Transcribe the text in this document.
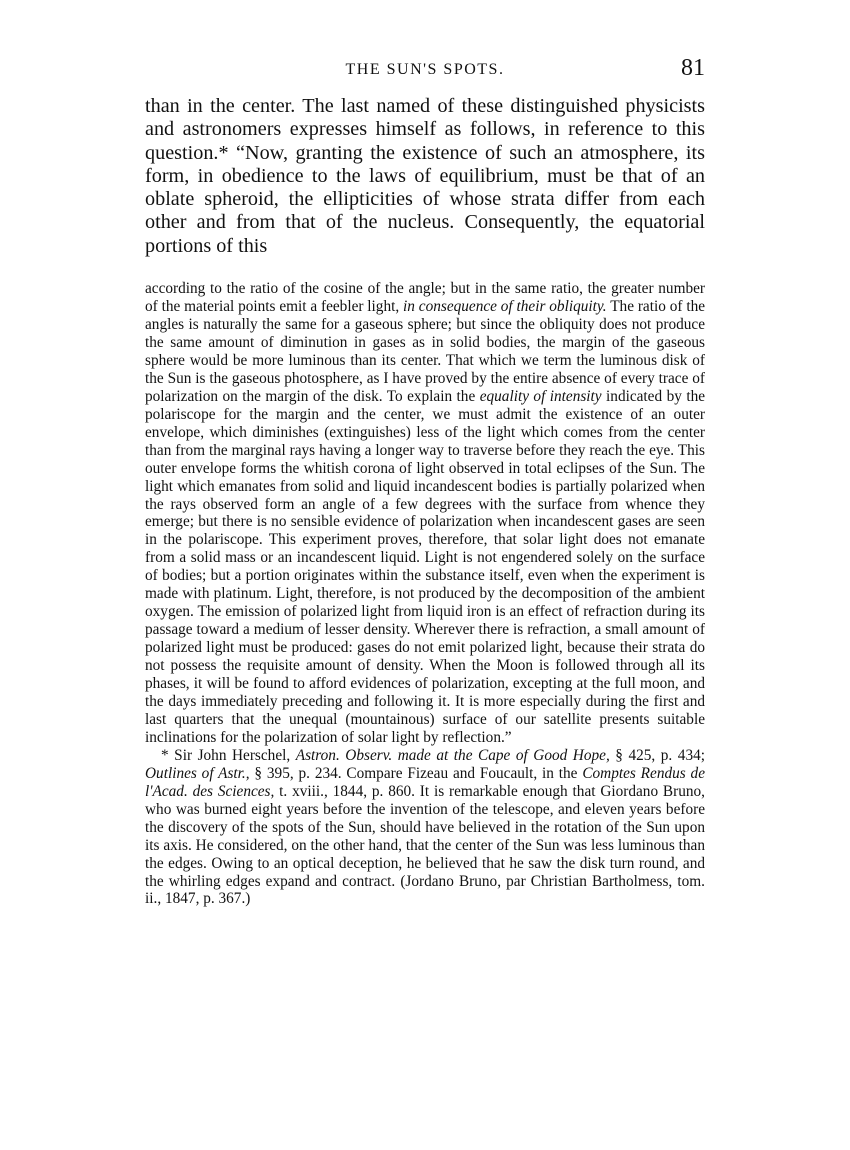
THE SUN'S SPOTS.	81

than in the center. The last named of these distinguished physicists and astronomers expresses himself as follows, in reference to this question.* “Now, granting the existence of such an atmosphere, its form, in obedience to the laws of equilibrium, must be that of an oblate spheroid, the ellipticities of whose strata differ from each other and from that of the nucleus. Consequently, the equatorial portions of this

according to the ratio of the cosine of the angle; but in the same ratio, the greater number of the material points emit a feebler light, in consequence of their obliquity. The ratio of the angles is naturally the same for a gaseous sphere; but since the obliquity does not produce the same amount of diminution in gases as in solid bodies, the margin of the gaseous sphere would be more luminous than its center. That which we term the luminous disk of the Sun is the gaseous photosphere, as I have proved by the entire absence of every trace of polarization on the margin of the disk. To explain the equality of intensity indicated by the polariscope for the margin and the center, we must admit the existence of an outer envelope, which diminishes (extinguishes) less of the light which comes from the center than from the marginal rays having a longer way to traverse before they reach the eye. This outer envelope forms the whitish corona of light observed in total eclipses of the Sun. The light which emanates from solid and liquid incandescent bodies is partially polarized when the rays observed form an angle of a few degrees with the surface from whence they emerge; but there is no sensible evidence of polarization when incandescent gases are seen in the polariscope. This experiment proves, therefore, that solar light does not emanate from a solid mass or an incandescent liquid. Light is not engendered solely on the surface of bodies; but a portion originates within the substance itself, even when the experiment is made with platinum. Light, therefore, is not produced by the decomposition of the ambient oxygen. The emission of polarized light from liquid iron is an effect of refraction during its passage toward a medium of lesser density. Wherever there is refraction, a small amount of polarized light must be produced: gases do not emit polarized light, because their strata do not possess the requisite amount of density. When the Moon is followed through all its phases, it will be found to afford evidences of polarization, excepting at the full moon, and the days immediately preceding and following it. It is more especially during the first and last quarters that the unequal (mountainous) surface of our satellite presents suitable inclinations for the polarization of solar light by reflection.”

* Sir John Herschel, Astron. Observ. made at the Cape of Good Hope, § 425, p. 434; Outlines of Astr., § 395, p. 234. Compare Fizeau and Foucault, in the Comptes Rendus de l'Acad. des Sciences, t. xviii., 1844, p. 860. It is remarkable enough that Giordano Bruno, who was burned eight years before the invention of the telescope, and eleven years before the discovery of the spots of the Sun, should have believed in the rotation of the Sun upon its axis. He considered, on the other hand, that the center of the Sun was less luminous than the edges. Owing to an optical deception, he believed that he saw the disk turn round, and the whirling edges expand and contract. (Jordano Bruno, par Christian Bartholmess, tom. ii., 1847, p. 367.)
